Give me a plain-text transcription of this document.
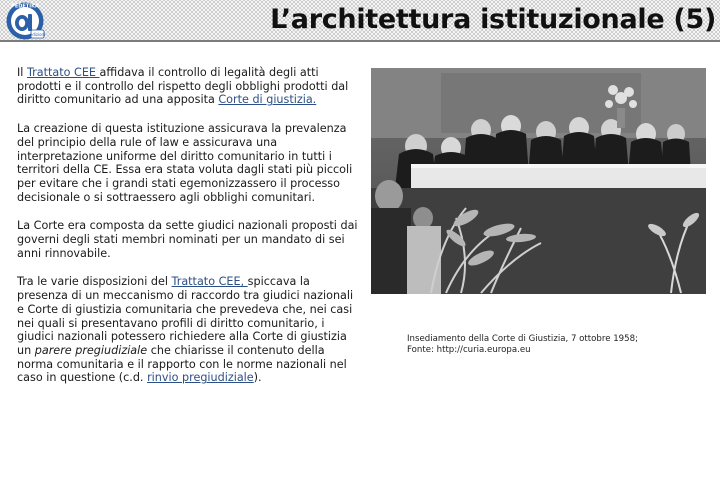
edizioni
PEDETIKA	L’architettura istituzionale (5)

Il Trattato CEE affidava il controllo di legalità degli atti prodotti e il controllo del rispetto degli obblighi prodotti dal diritto comunitario ad una apposita Corte di giustizia.

La creazione di questa istituzione assicurava la prevalenza del principio della rule of law e assicurava una interpretazione uniforme del diritto comunitario in tutti i territori della CE. Essa era stata voluta dagli stati più piccoli per evitare che i grandi stati egemonizzassero il processo decisionale o si sottraessero agli obblighi comunitari.

La Corte era composta da sette giudici nazionali proposti dai governi degli stati membri nominati per un mandato di sei anni rinnovabile.

Tra le varie disposizioni del Trattato CEE, spiccava la presenza di un meccanismo di raccordo tra giudici nazionali e Corte di giustizia comunitaria che prevedeva che, nei casi nei quali si presentavano profili di diritto comunitario, i giudici nazionali potessero richiedere alla Corte di giustizia un parere pregiudiziale che chiarisse il contenuto della norma comunitaria e il rapporto con le norme nazionali nel caso in questione (c.d. rinvio pregiudiziale).

Insediamento della Corte di Giustizia, 7 ottobre 1958;
Fonte: http://curia.europa.eu
